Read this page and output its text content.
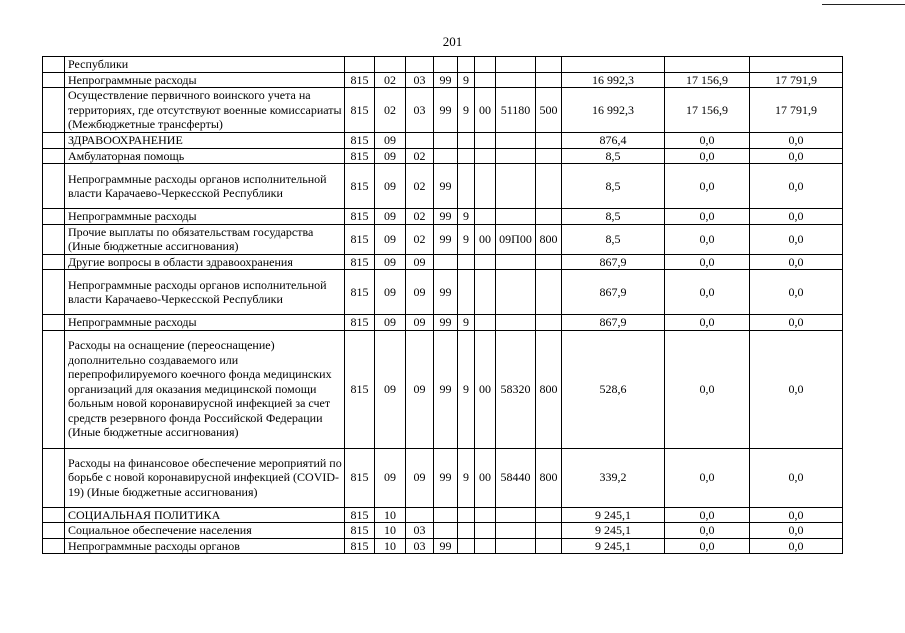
201
	Республики											
	Непрограммные расходы	815	02	03	99	9				16 992,3	17 156,9	17 791,9
	Осуществление первичного воинского учета на территориях, где отсутствуют военные комиссариаты (Межбюджетные трансферты)	815	02	03	99	9	00	51180	500	16 992,3	17 156,9	17 791,9
	ЗДРАВООХРАНЕНИЕ	815	09							876,4	0,0	0,0
	Амбулаторная помощь	815	09	02						8,5	0,0	0,0
	Непрограммные расходы органов исполнительной власти Карачаево-Черкесской Республики	815	09	02	99					8,5	0,0	0,0
	Непрограммные расходы	815	09	02	99	9				8,5	0,0	0,0
	Прочие выплаты по обязательствам государства (Иные бюджетные ассигнования)	815	09	02	99	9	00	09П00	800	8,5	0,0	0,0
	Другие вопросы в области здравоохранения	815	09	09						867,9	0,0	0,0
	Непрограммные расходы органов исполнительной власти Карачаево-Черкесской Республики	815	09	09	99					867,9	0,0	0,0
	Непрограммные расходы	815	09	09	99	9				867,9	0,0	0,0
	Расходы на оснащение (переоснащение) дополнительно создаваемого или перепрофилируемого коечного фонда медицинских организаций для оказания медицинской помощи больным новой коронавирусной инфекцией за счет средств резервного фонда Российской Федерации (Иные бюджетные ассигнования)	815	09	09	99	9	00	58320	800	528,6	0,0	0,0
	Расходы на финансовое обеспечение мероприятий по борьбе с новой коронавирусной инфекцией (COVID-19) (Иные бюджетные ассигнования)	815	09	09	99	9	00	58440	800	339,2	0,0	0,0
	СОЦИАЛЬНАЯ ПОЛИТИКА	815	10							9 245,1	0,0	0,0
	Социальное обеспечение населения	815	10	03						9 245,1	0,0	0,0
	Непрограммные расходы органов	815	10	03	99					9 245,1	0,0	0,0
